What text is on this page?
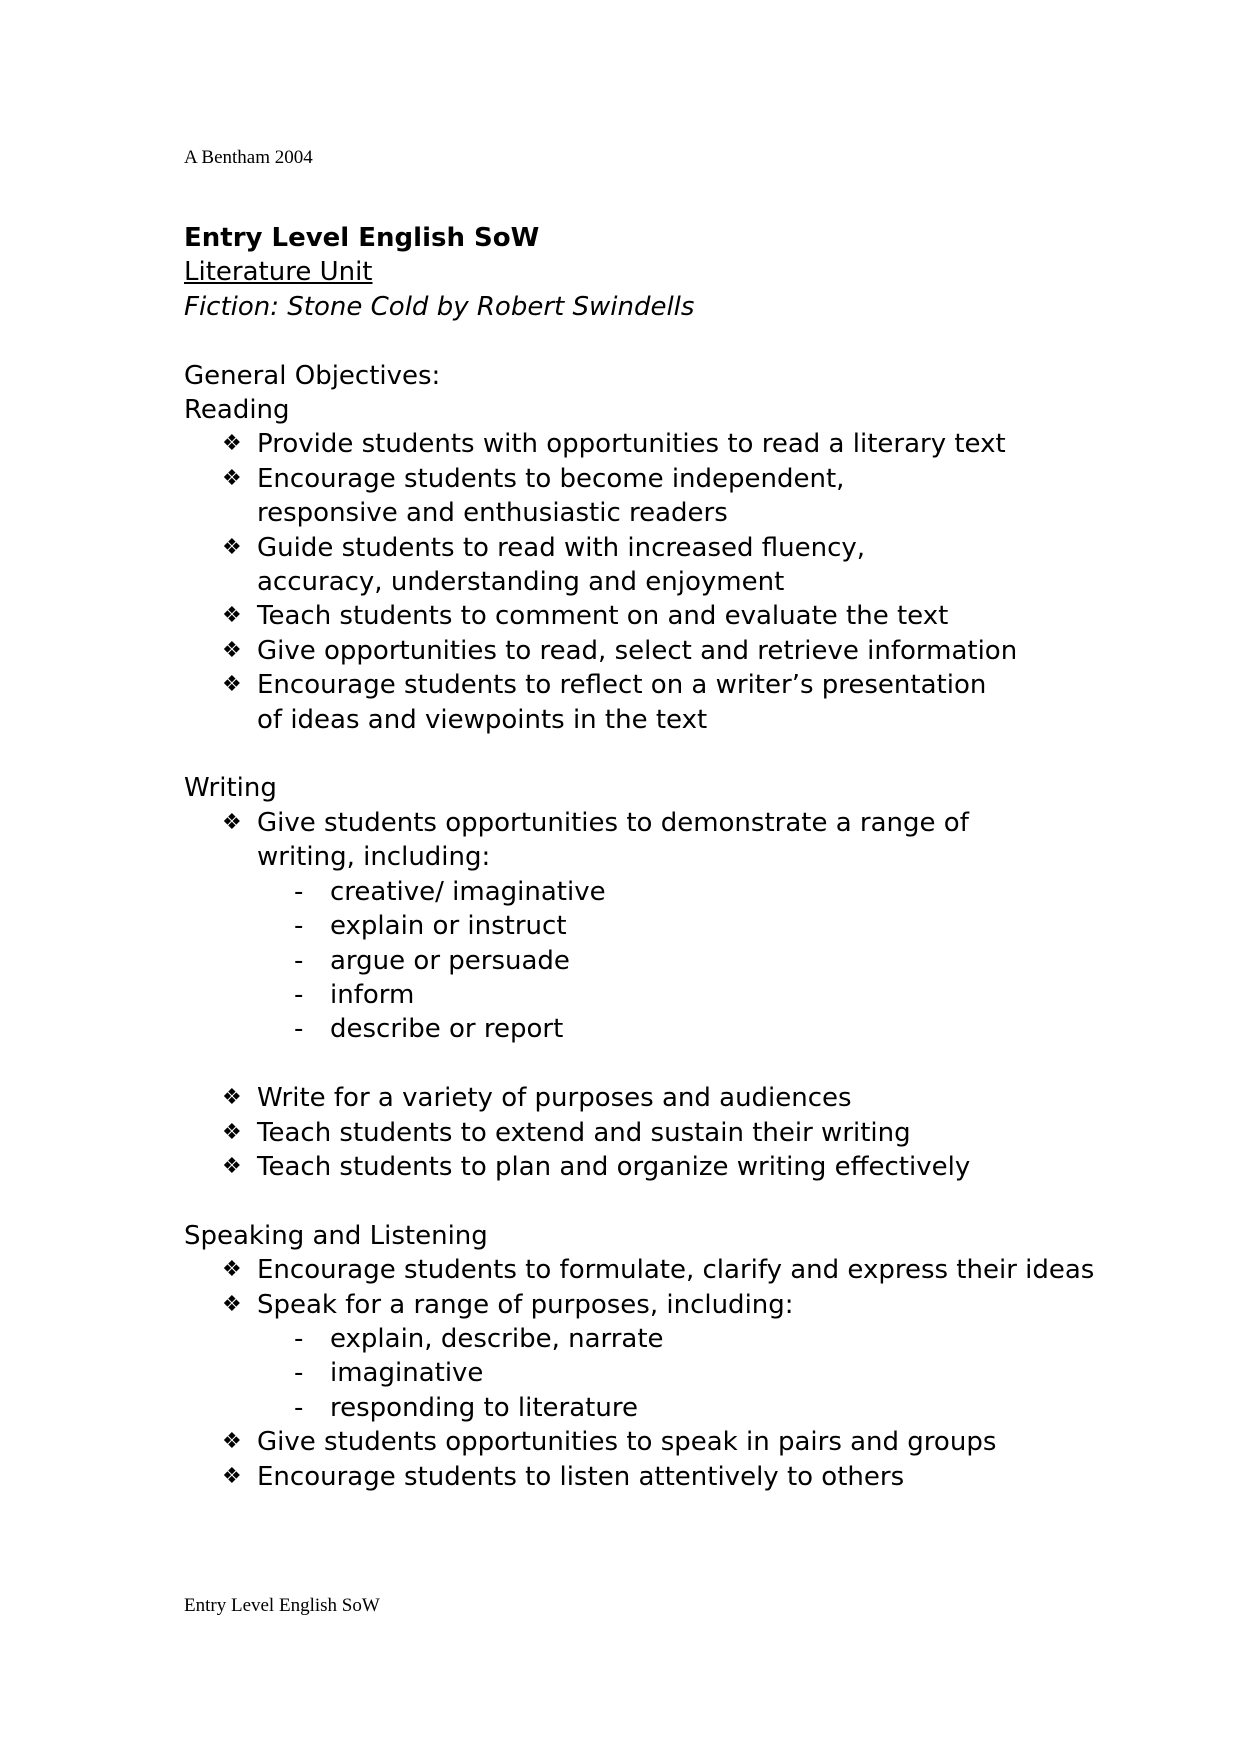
A Bentham 2004
Entry Level English SoW
Literature Unit
Fiction: Stone Cold by Robert Swindells
General Objectives:
Reading
❖ Provide students with opportunities to read a literary text
❖ Encourage students to become independent, responsive and enthusiastic readers
❖ Guide students to read with increased fluency, accuracy, understanding and enjoyment
❖ Teach students to comment on and evaluate the text
❖ Give opportunities to read, select and retrieve information
❖ Encourage students to reflect on a writer’s presentation of ideas and viewpoints in the text
Writing
❖ Give students opportunities to demonstrate a range of writing, including:
- creative/ imaginative
- explain or instruct
- argue or persuade
- inform
- describe or report
❖ Write for a variety of purposes and audiences
❖ Teach students to extend and sustain their writing
❖ Teach students to plan and organize writing effectively
Speaking and Listening
❖ Encourage students to formulate, clarify and express their ideas
❖ Speak for a range of purposes, including:
- explain, describe, narrate
- imaginative
- responding to literature
❖ Give students opportunities to speak in pairs and groups
❖ Encourage students to listen attentively to others
Entry Level English SoW
